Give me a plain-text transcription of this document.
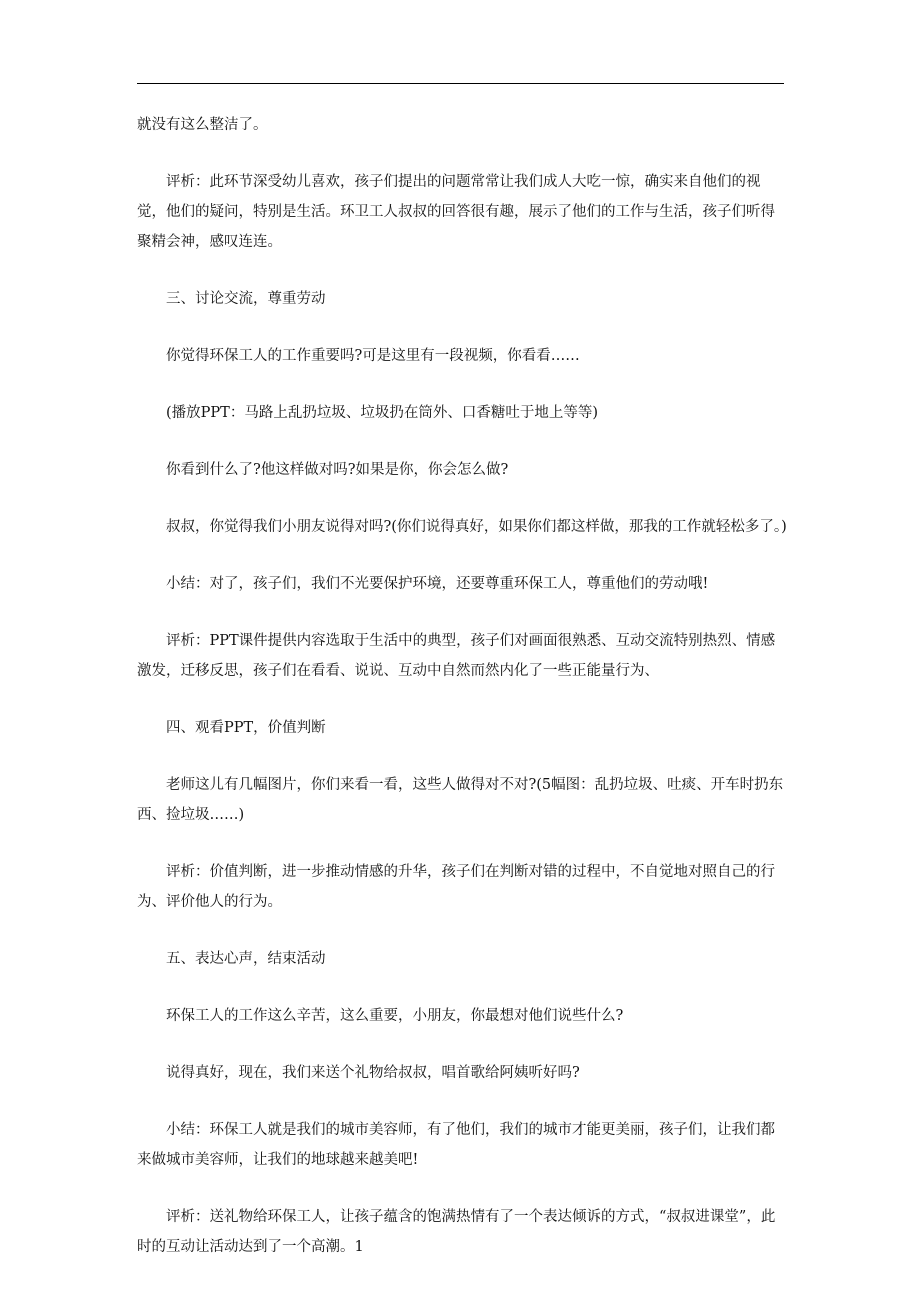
就没有这么整洁了。

评析：此环节深受幼儿喜欢，孩子们提出的问题常常让我们成人大吃一惊，确实来自他们的视觉，他们的疑问，特别是生活。环卫工人叔叔的回答很有趣，展示了他们的工作与生活，孩子们听得聚精会神，感叹连连。

三、讨论交流，尊重劳动

你觉得环保工人的工作重要吗?可是这里有一段视频，你看看……

(播放PPT：马路上乱扔垃圾、垃圾扔在筒外、口香糖吐于地上等等)

你看到什么了?他这样做对吗?如果是你，你会怎么做?

叔叔，你觉得我们小朋友说得对吗?(你们说得真好，如果你们都这样做，那我的工作就轻松多了。)

小结：对了，孩子们，我们不光要保护环境，还要尊重环保工人，尊重他们的劳动哦!

评析：PPT课件提供内容选取于生活中的典型，孩子们对画面很熟悉、互动交流特别热烈、情感激发，迁移反思，孩子们在看看、说说、互动中自然而然内化了一些正能量行为、

四、观看PPT，价值判断

老师这儿有几幅图片，你们来看一看，这些人做得对不对?(5幅图：乱扔垃圾、吐痰、开车时扔东西、捡垃圾……)

评析：价值判断，进一步推动情感的升华，孩子们在判断对错的过程中，不自觉地对照自己的行为、评价他人的行为。

五、表达心声，结束活动

环保工人的工作这么辛苦，这么重要，小朋友，你最想对他们说些什么?

说得真好，现在，我们来送个礼物给叔叔，唱首歌给阿姨听好吗?

小结：环保工人就是我们的城市美容师，有了他们，我们的城市才能更美丽，孩子们，让我们都来做城市美容师，让我们的地球越来越美吧!

评析：送礼物给环保工人，让孩子蕴含的饱满热情有了一个表达倾诉的方式，“叔叔进课堂”，此时的互动让活动达到了一个高潮。1
